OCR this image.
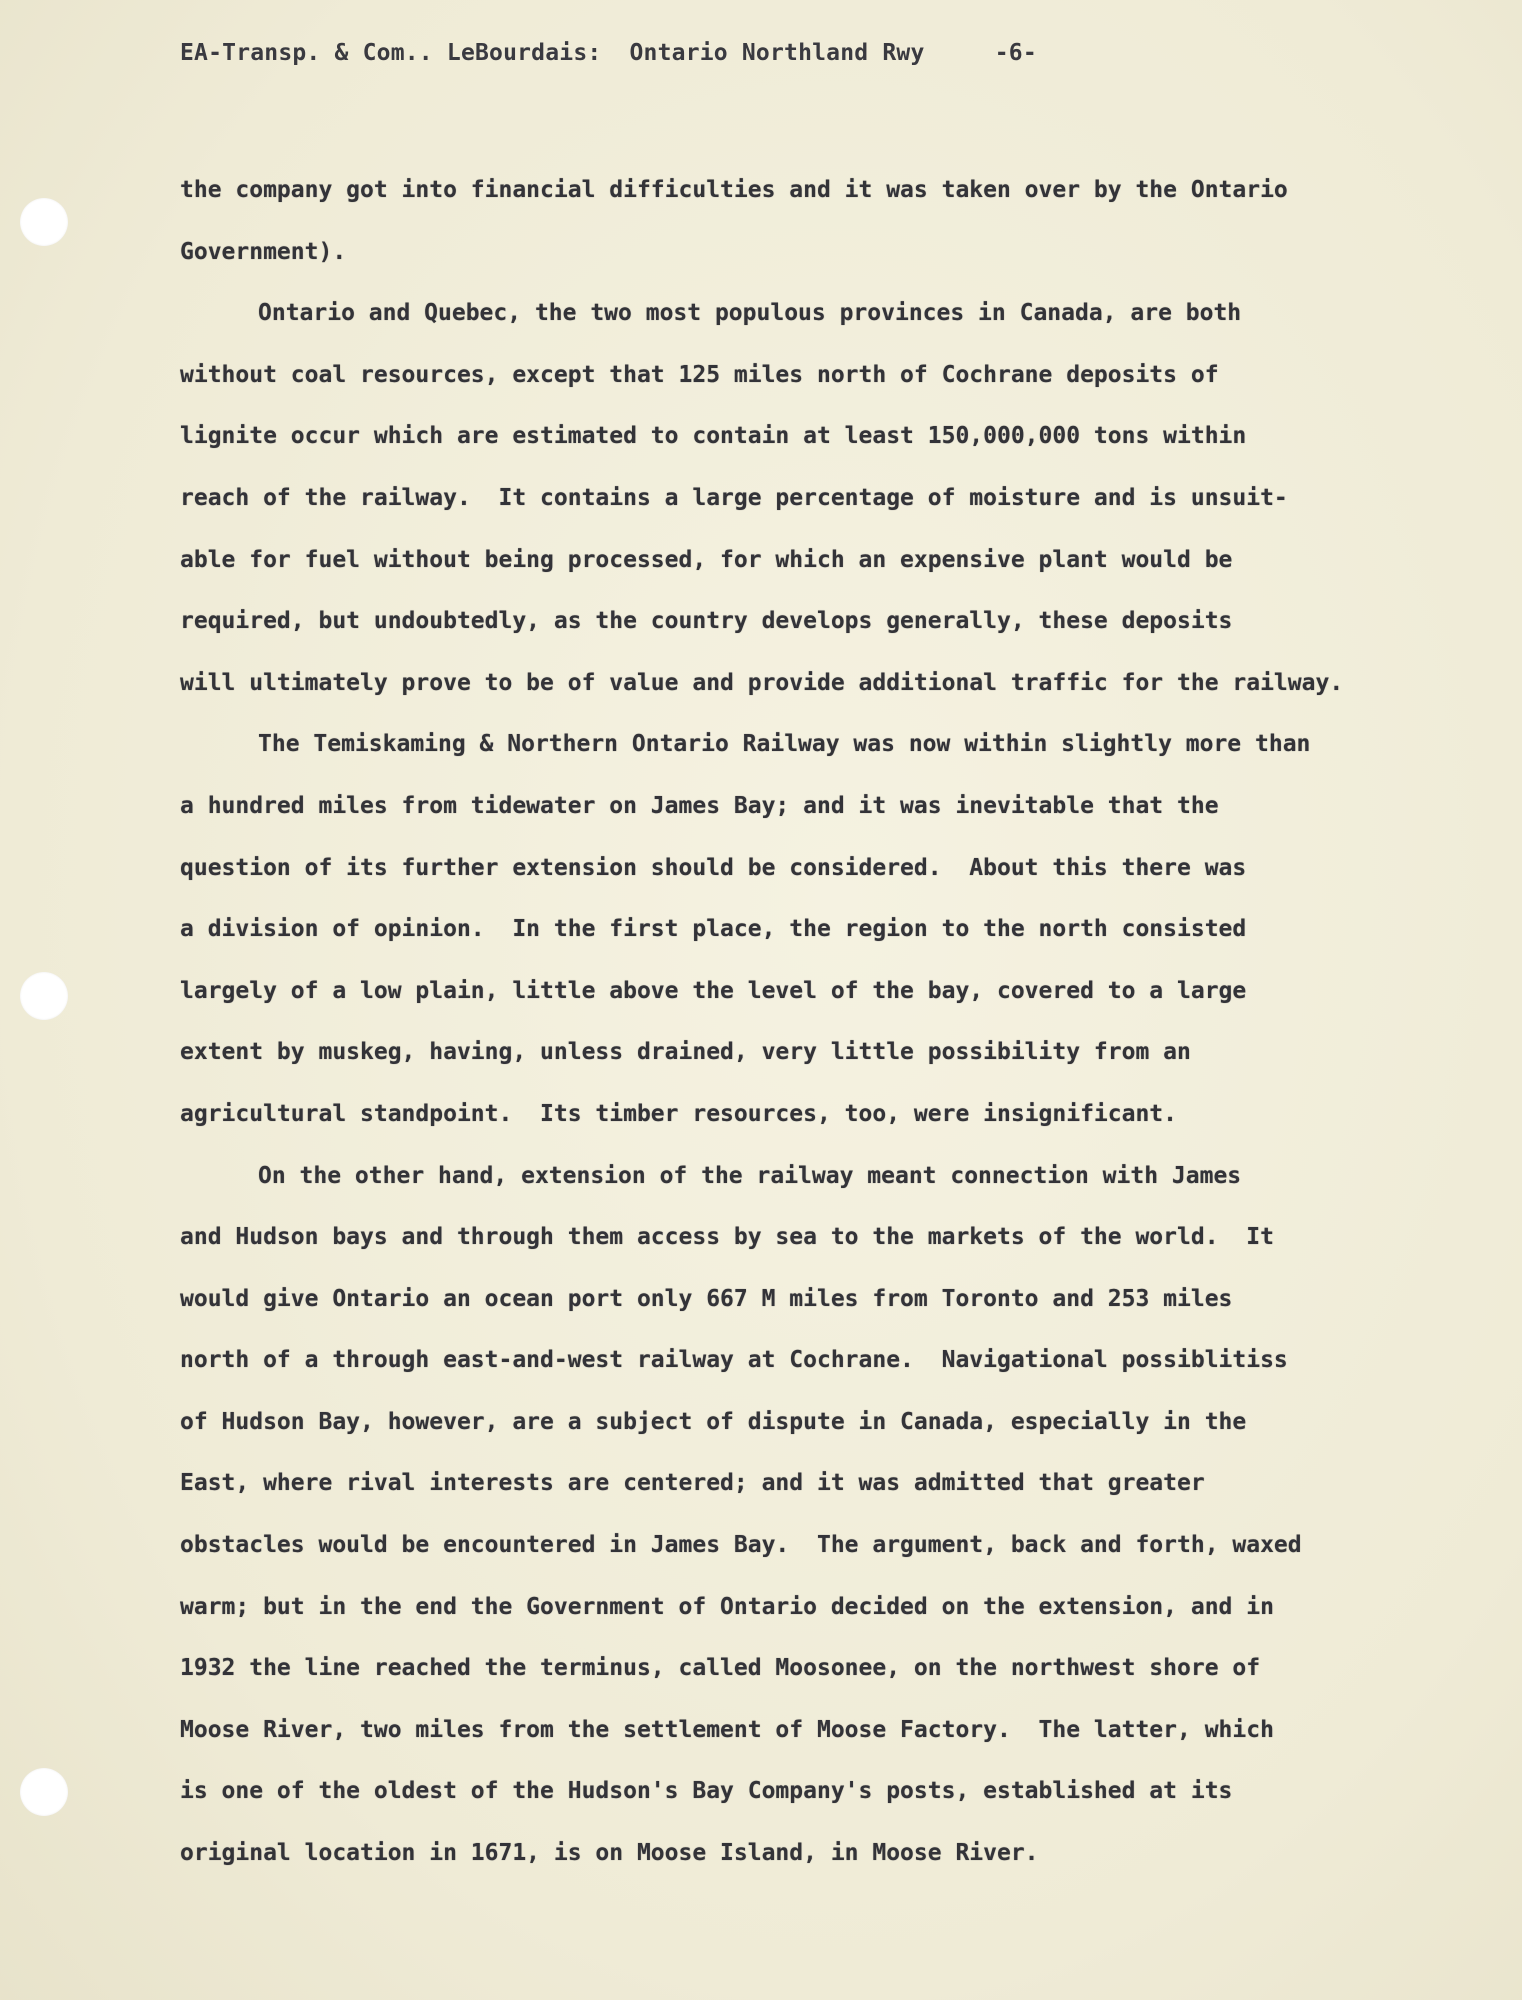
EA-Transp. & Com.. LeBourdais:  Ontario Northland Rwy     -6-
the company got into financial difficulties and it was taken over by the Ontario
Government).
Ontario and Quebec, the two most populous provinces in Canada, are both
without coal resources, except that 125 miles north of Cochrane deposits of
lignite occur which are estimated to contain at least 150,000,000 tons within
reach of the railway.  It contains a large percentage of moisture and is unsuit-
able for fuel without being processed, for which an expensive plant would be
required, but undoubtedly, as the country develops generally, these deposits
will ultimately prove to be of value and provide additional traffic for the railway.
The Temiskaming & Northern Ontario Railway was now within slightly more than
a hundred miles from tidewater on James Bay; and it was inevitable that the
question of its further extension should be considered.  About this there was
a division of opinion.  In the first place, the region to the north consisted
largely of a low plain, little above the level of the bay, covered to a large
extent by muskeg, having, unless drained, very little possibility from an
agricultural standpoint.  Its timber resources, too, were insignificant.
On the other hand, extension of the railway meant connection with James
and Hudson bays and through them access by sea to the markets of the world.  It
would give Ontario an ocean port only 667 M miles from Toronto and 253 miles
north of a through east-and-west railway at Cochrane.  Navigational possiblitiss
of Hudson Bay, however, are a subject of dispute in Canada, especially in the
East, where rival interests are centered; and it was admitted that greater
obstacles would be encountered in James Bay.  The argument, back and forth, waxed
warm; but in the end the Government of Ontario decided on the extension, and in
1932 the line reached the terminus, called Moosonee, on the northwest shore of
Moose River, two miles from the settlement of Moose Factory.  The latter, which
is one of the oldest of the Hudson's Bay Company's posts, established at its
original location in 1671, is on Moose Island, in Moose River.
